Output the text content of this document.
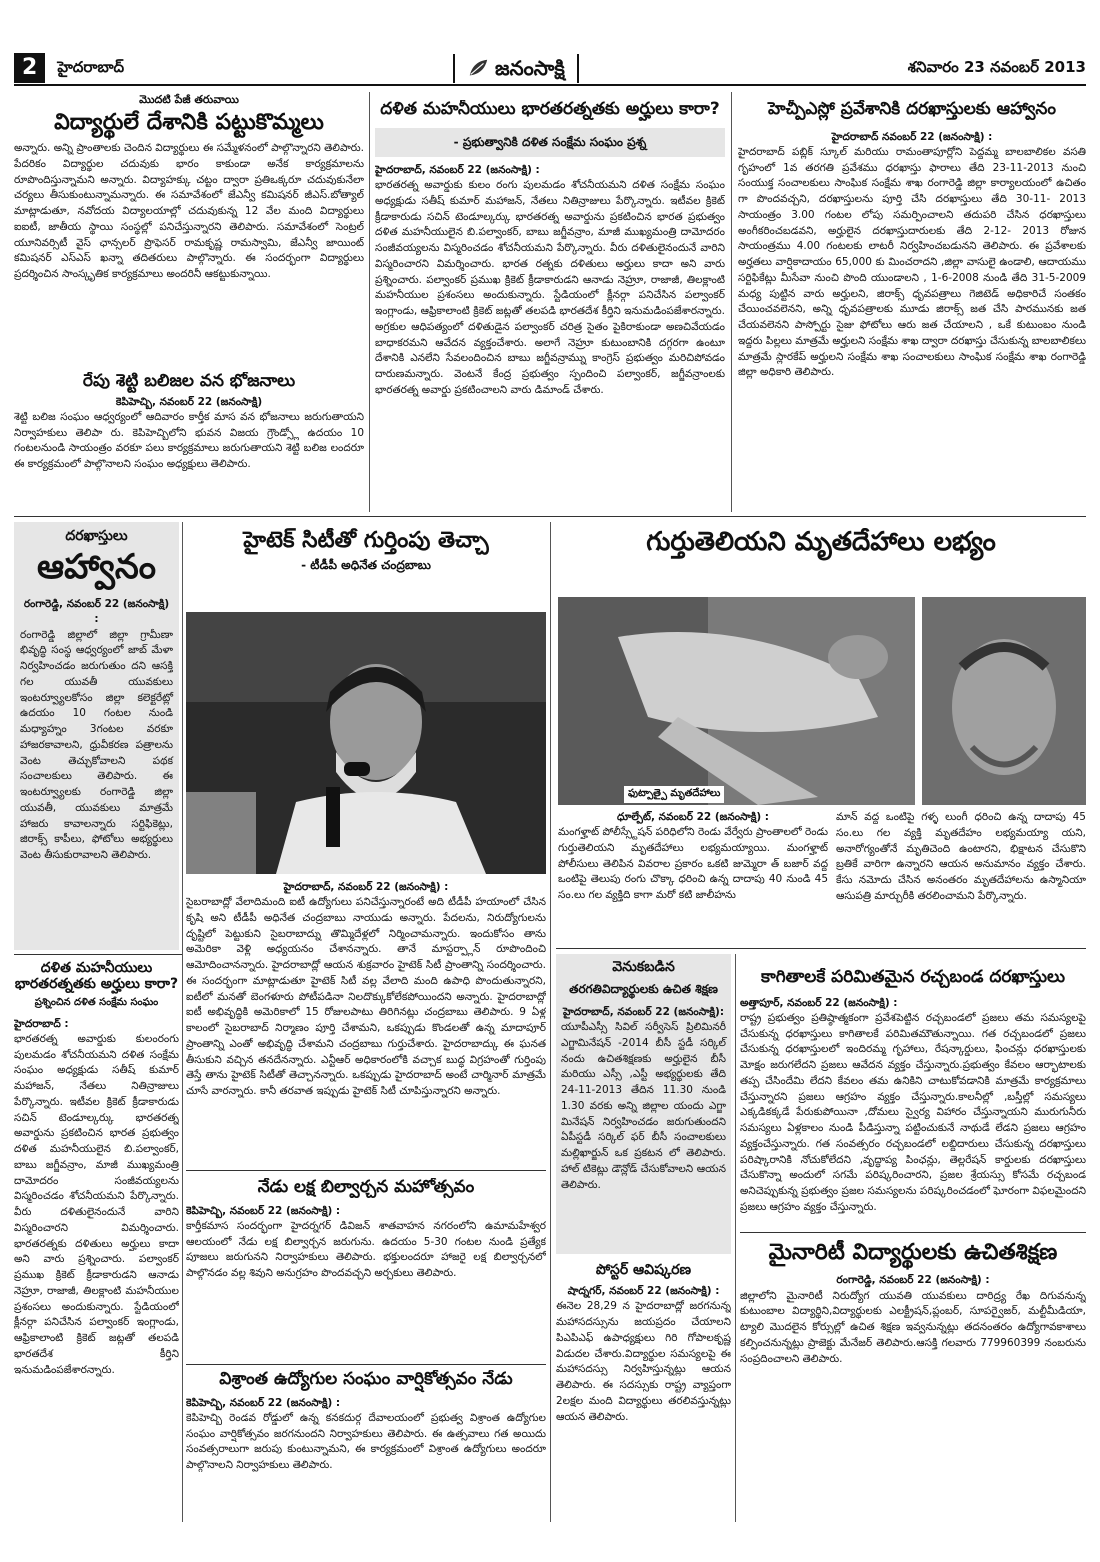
2	హైదరాబాద్	జనంసాక్షి	శనివారం 23 నవంబర్ 2013
మొదటి పేజీ తరువాయి
విద్యార్థులే దేశానికి పట్టుకొమ్మలు
అన్నారు. అన్ని ప్రాంతాలకు చెందిన విద్యార్థులు ఈ సమ్మేళనంలో పాల్గొన్నారని తెలిపారు. పేదరికం విద్యార్థుల చదువుకు భారం కాకుండా అనేక కార్యక్రమాలను రూపొందిస్తున్నామని అన్నారు. విద్యాహక్కు చట్టం ద్వారా ప్రతిఒక్కరూ చదువుకునేలా చర్యలు తీసుకుంటున్నామన్నారు. ఈ సమావేశంలో జేఎన్వీ కమిషనర్ జీఎస్.బోత్యాల్ మాట్లాడుతూ, నవోదయ విద్యాలయాల్లో చదువుకున్న 12 వేల మంది విద్యార్థులు ఐఐటీ, జాతీయ స్థాయి సంస్థల్లో పనిచేస్తున్నారని తెలిపారు. సమావేశంలో సెంట్రల్ యూనివర్సిటీ వైస్ ఛాన్సలర్ ప్రొఫెసర్ రామకృష్ణ రామస్వామి, జేఎన్వీ జాయింట్ కమిషనర్ ఎస్ఎస్ ఖన్నా తదితరులు పాల్గొన్నారు. ఈ సందర్భంగా విద్యార్థులు ప్రదర్శించిన సాంస్కృతిక కార్యక్రమాలు అందరినీ ఆకట్టుకున్నాయి.
రేపు శెట్టి బలిజల వన భోజనాలు
కెపిహెచ్బి, నవంబర్ 22 (జనంసాక్షి)
శెట్టి బలిజ సంఘం ఆధ్వర్యంలో ఆదివారం కార్తీక మాస వన భోజనాలు జరుగుతాయని నిర్వాహకులు తెలిపా రు. కెపిహెచ్బిలోని భువన విజయ గ్రౌండ్స్లో ఉదయం 10 గంటలనుండి సాయంత్రం వరకూ పలు కార్యక్రమాలు జరుగుతాయని శెట్టి బలిజ లందరూ ఈ కార్యక్రమంలో పాల్గొనాలని సంఘం అధ్యక్షులు తెలిపారు.
దళిత మహనీయులు భారతరత్నతకు అర్హులు కారా?
- ప్రభుత్వానికి దళిత సంక్షేమ సంఘం ప్రశ్న
హైదరాబాద్, నవంబర్ 22 (జనంసాక్షి) :
భారతరత్న అవార్డుకు కులం రంగు పులమడం శోచనీయమని దళిత సంక్షేమ సంఘం అధ్యక్షుడు సతీష్ కుమార్ మహాజన్, నేతలు నితిన్రాజులు పేర్కొన్నారు. ఇటీవల క్రికెట్ క్రీడాకారుడు సచిన్ టెండూల్కర్కు భారతరత్న అవార్డును ప్రకటించిన భారత ప్రభుత్వం దళిత మహనీయులైన బి.పల్వాంకర్, బాబు జగ్జీవన్రాం, మాజీ ముఖ్యమంత్రి దామోదరం సంజీవయ్యలను విస్మరించడం శోచనీయమని పేర్కొన్నారు. వీరు దళితులైనందునే వారిని విస్మరించారని విమర్శించారు. భారత రత్నకు దళితులు అర్హులు కాదా అని వారు ప్రశ్నించారు. పల్వాంకర్ ప్రముఖ క్రికెట్ క్రీడాకారుడని ఆనాడు నెహ్రూ, రాజాజీ, తిలక్లాంటి మహనీయుల ప్రశంసలు అందుకున్నారు. స్టేడియంలో క్లీనర్గా పనిచేసిన పల్వాంకర్ ఇంగ్లాండు, ఆఫ్రికాలాంటి క్రికెట్ జట్లతో తలపడి భారతదేశ కీర్తిని ఇనుమడింపజేశారన్నారు. అగ్రకుల ఆధిపత్యంలో దళితుడైన పల్వాంకర్ చరిత్ర సైతం పైకిరాకుండా అణచివేయడం బాధాకరమని ఆవేదన వ్యక్తంచేశారు. అలాగే నెహ్రూ కుటుంబానికి దగ్గరగా ఉంటూ దేశానికి ఎనలేని సేవలందించిన బాబు జగ్జీవన్రామ్ను కాంగ్రెస్ ప్రభుత్వం మరిచిపోవడం దారుణమన్నారు. వెంటనే కేంద్ర ప్రభుత్వం స్పందించి పల్వాంకర్, జగ్జీవన్రాంలకు భారతరత్న అవార్డు ప్రకటించాలని వారు డిమాండ్ చేశారు.
హెచ్పీఎస్లో ప్రవేశానికి దరఖాస్తులకు ఆహ్వానం
హైదరాబాద్ నవంబర్ 22 (జనంసాక్షి) :
హైదరాబాద్ పబ్లిక్ స్కూల్ మరియు రామంతాపూర్లోని పెద్దమ్మ బాలబాలికల వసతి గృహంలో 1వ తరగతి ప్రవేశము ధరఖాస్తు ఫారాలు తేది 23-11-2013 నుంచి సంయుక్త సంచాలకులు సాంఘిక సంక్షేమ శాఖ రంగారెడ్డి జిల్లా కార్యాలయంలో ఉచితం గా పొందవచ్చని, దరఖాస్తులను పూర్తి చేసి దరఖాస్తులు తేది 30-11- 2013 సాయంత్రం 3.00 గంటల లోపు సమర్పించాలని తదుపరి చేసిన ధరఖాస్తులు అంగీకరించబడవని, అర్హులైన దరఖాస్తుదారులకు తేది 2-12- 2013 రోజున సాయంత్రము 4.00 గంటలకు లాటరీ నిర్వహించబడునని తెలిపారు. ఈ ప్రవేశాలకు అర్హతలు వార్షికాదాయం 65,000 కు మించరాదని ,జిల్లా వాసులై ఉండాలి, ఆదాయము సర్టిఫికేట్లు మీసేవా నుంచి పొంది యుండాలని , 1-6-2008 నుండి తేది 31-5-2009 మధ్య పుట్టిన వారు అర్హులని, జిరాక్స్ ధృవపత్రాలు గెజిటెడ్ అధికారిచే సంతకం చేయించవలెనని, అన్ని ధృవపత్రాలకు మూడు జిరాక్స్ జత చేసి పారమునకు జత చేయవలెనని పాస్పోర్టు సైజు ఫోటోలు ఆరు జత చేయాలని , ఒకే కుటుంబం నుండి ఇద్దరు పిల్లలు మాత్రమే అర్హులని సంక్షేమ శాఖ ద్వారా దరఖాస్తు చేసుకున్న బాలబాలికలు మాత్రమే స్లారకేప్ అర్హులని సంక్షేమ శాఖ సంచాలకులు సాంఘిక సంక్షేమ శాఖ రంగారెడ్డి జిల్లా అధికారి తెలిపారు.
దరఖాస్తులు
ఆహ్వానం
రంగారెడ్డి, నవంబర్ 22 (జనంసాక్షి) :
రంగారెడ్డి జిల్లాలో జిల్లా గ్రామీణా భివృద్ధి సంస్థ ఆధ్వర్యంలో జాబ్ మేళా నిర్వహించడం జరుగుతుం దని ఆసక్తి గల యువతీ యువకులు ఇంటర్వ్యూలకోసం జిల్లా కలెక్టరేట్లో ఉదయం 10 గంటల నుండి మధ్యాహ్నం 3గంటల వరకూ హాజరకావాలని, ధ్రువీకరణ పత్రాలను వెంట తెచ్చుకోవాలని పథక సంచాలకులు తెలిపారు. ఈ ఇంటర్వ్యూలకు రంగారెడ్డి జిల్లా యువతీ, యువకులు మాత్రమే హాజరు కావాలన్నారు సర్టిఫికెట్లు, జిరాక్స్ కాపీలు, ఫోటోలు అభ్యర్థులు వెంట తీసుకురావాలని తెలిపారు.
హైటెక్ సిటీతో గుర్తింపు తెచ్చా
- టీడీపీ అధినేత చంద్రబాబు
హైదరాబాద్, నవంబర్ 22 (జనంసాక్షి) :
సైబరాబాద్లో వేలాదిమంది ఐటీ ఉద్యోగులు పనిచేస్తున్నారంటే అది టీడీపీ హయాంలో చేసిన కృషి అని టీడీపీ అధినేత చంద్రబాబు నాయుడు అన్నారు. పేదలను, నిరుద్యోగులను దృష్టిలో పెట్టుకుని సైబరాబాద్ను తొమ్మిదేళ్లలో నిర్మించామన్నారు. ఇందుకోసం తాను అమెరికా వెళ్లి అధ్యయనం చేశానన్నారు. తానే మాస్టర్ప్లాన్ రూపొందించి ఆమోదించానన్నారు. హైదరాబాద్లో ఆయన శుక్రవారం హైటెక్ సిటీ ప్రాంతాన్ని సందర్శించారు. ఈ సందర్భంగా మాట్లాడుతూ హైటెక్ సిటీ వల్ల వేలాది మంది ఉపాధి పొందుతున్నారని, ఐటీలో మనతో బెంగళూరు పోటీపడినా నిలదొక్కుకోలేకపోయిందని అన్నారు. హైదరాబాద్లో ఐటీ అభివృద్ధికి అమెరికాలో 15 రోజులపాటు తిరిగినట్లు చంద్రబాబు తెలిపారు. 9 ఏళ్ల కాలంలో సైబరాబాద్ నిర్మాణం పూర్తి చేశామని, ఒకప్పుడు కొండలతో ఉన్న మాదాపూర్ ప్రాంతాన్ని ఎంతో అభివృద్ధి చేశామని చంద్రబాబు గుర్తుచేశారు. హైదరాబాద్కు ఈ ఘనత తీసుకుని వచ్చిన తనదేనన్నారు. ఎన్టీఆర్ అధికారంలోకి వచ్చాక బుద్ధ విగ్రహంతో గుర్తింపు తెస్తే తాను హైటెక్ సిటీతో తెచ్చానన్నారు. ఒకప్పుడు హైదరాబాద్ అంటే చార్మినార్ మాత్రమే చూసే వారన్నారు. కానీ తరవాత ఇప్పుడు హైటెక్ సిటీ చూపిస్తున్నారని అన్నారు.
గుర్తుతెలియని మృతదేహాలు లభ్యం
ఫుట్పాత్పై మృతదేహాలు
ధూల్పేట్, నవంబర్ 22 (జనంసాక్షి) :
మంగళ్హాట్ పోలీస్స్టేషన్ పరిధిలోని రెండు వేర్వేరు ప్రాంతాలలో రెండు గుర్తుతెలియని మృతదేహాలు లభ్యమయ్యాయి. మంగళ్హాట్ పోలీసులు తెలిపిన వివరాల ప్రకారం ఒకటి జుమ్మెరా త్ బజార్ వద్ద ఒంటిపై తెలుపు రంగు చొక్కా ధరించి ఉన్న దాదాపు 40 నుండి 45 సం.లు గల వ్యక్తిది కాగా మరో కటి జాలీహను
మాన్ వద్ద ఒంటిపై గళ్ళ లుంగీ ధరించి ఉన్న దాదాపు 45 సం.లు గల వ్యక్తి మృతదేహం లభ్యమయ్యా యని, అనారోగ్యంతోనే మృతిచెంది ఉంటారని, భిక్షాటన చేసుకొని బ్రతికే వారిగా ఉన్నారని ఆయన అనుమానం వ్యక్తం చేశారు. కేసు నమోదు చేసిన అనంతరం మృతదేహాలను ఉస్మానియా ఆసుపత్రి మార్చురీకి తరలించామని పేర్కొన్నారు.
దళిత మహనీయులు
భారతరత్నతకు అర్హులు కారా?
ప్రశ్నించిన దళిత సంక్షేమ సంఘం
హైదరాబాద్ :
భారతరత్న అవార్డుకు కులంరంగు పులమడం శోచనీయమని దళిత సంక్షేమ సంఘం అధ్యక్షుడు సతీష్ కుమార్ మహాజన్, నేతలు నితిన్రాజులు పేర్కొన్నారు. ఇటీవల క్రికెట్ క్రీడాకారుడు సచిన్ టెండూల్కర్కు భారతరత్న అవార్డును ప్రకటించిన భారత ప్రభుత్వం దళిత మహనీయులైన బి.పల్వాంకర్, బాబు జగ్జీవన్రాం, మాజీ ముఖ్యమంత్రి దామోదరం సంజీవయ్యలను విస్మరించడం శోచనీయమని పేర్కొన్నారు. వీరు దళితులైనందునే వారిని విస్మరించారని విమర్శించారు. భారతరత్నకు దళితులు అర్హులు కాదా అని వారు ప్రశ్నించారు. పల్వాంకర్ ప్రముఖ క్రికెట్ క్రీడాకారుడని ఆనాడు నెహ్రూ, రాజాజీ, తిలక్లాంటి మహనీయుల ప్రశంసలు అందుకున్నారు. స్టేడియంలో క్లీనర్గా పనిచేసిన పల్వాంకర్ ఇంగ్లాండు, ఆఫ్రికాలాంటి క్రికెట్ జట్లతో తలపడి భారతదేశ కీర్తిని ఇనుమడింపజేశారన్నారు.
నేడు లక్ష బిల్వార్చన మహోత్సవం
కెపిహెచ్బి, నవంబర్ 22 (జనంసాక్షి) :
కార్తీకమాస సందర్భంగా హైదర్నగర్ డివిజన్ శాతవాహన నగరంలోని ఉమామహేశ్వర ఆలయంలో నేడు లక్ష బిల్వార్చన జరుగును. ఉదయం 5-30 గంటల నుండి ప్రత్యేక పూజలు జరుగునని నిర్వాహకులు తెలిపారు. భక్తులందరూ హాజరై లక్ష బిల్వార్చనలో పాల్గొనడం వల్ల శివుని అనుగ్రహం పొందవచ్చని అర్చకులు తెలిపారు.
విశ్రాంత ఉద్యోగుల సంఘం వార్షికోత్సవం నేడు
కెపిహెచ్బి, నవంబర్ 22 (జనంసాక్షి) :
కెపిహెచ్బి రెండవ రోడ్డులో ఉన్న కనకదుర్గ దేవాలయంలో ప్రభుత్వ విశ్రాంత ఉద్యోగుల సంఘం వార్షికోత్సవం జరగనుందని నిర్వాహకులు తెలిపారు. ఈ ఉత్సవాలు గత అయిదు సంవత్సరాలుగా జరుపు కుంటున్నామని, ఈ కార్యక్రమంలో విశ్రాంత ఉద్యోగులు అందరూ పాల్గొనాలని నిర్వాహకులు తెలిపారు.
వెనుకబడిన
తరగతివిద్యార్థులకు ఉచిత శిక్షణ
హైదరాబాద్, నవంబర్ 22 (జనంసాక్షి):
యూపీఎస్సీ సివిల్ సర్వీసెస్ ప్రిలిమినరీ ఎగ్జామినేషన్ -2014 బీసీ స్టడీ సర్కిల్ నందు ఉచితశిక్షణకు అర్హులైన బీసీ మరియు ఎస్సీ ,ఎస్టీ అభ్యర్థులకు తేది 24-11-2013 తేదిన 11.30 నుండి 1.30 వరకు అన్ని జిల్లాల యందు ఎగ్జా మినేషన్ నిర్వహించడం జరుగుతుందని ఏపీస్టడీ సర్కిల్ ఫర్ బీసీ సంచాలకులు మల్లిఖార్జున్ ఒక ప్రకటన లో తెలిపారు. హాల్ టికెట్లు డౌన్లోడ్ చేసుకోవాలని ఆయన తెలిపారు.
పోస్టర్ ఆవిష్కరణ
షాద్నగర్, నవంబర్ 22 (జనంసాక్షి) :
ఈనెల 28,29 న హైదరాబాద్లో జరగనున్న మహాసదస్సును జయప్రదం చేయాలని పిఎపిఎఫ్ ఉపాధ్యక్షులు గిరి గోపాలకృష్ణ విడుదల చేశారు.విద్యార్థుల సమస్యలపై ఈ మహాసదస్సు నిర్వహిస్తున్నట్లు ఆయన తెలిపారు. ఈ సదస్సుకు రాష్ట్ర వ్యాప్తంగా 2లక్షల మంది విద్యార్థులు తరలివస్తున్నట్లు ఆయన తెలిపారు.
కాగితాలకే పరిమితమైన రచ్చబండ దరఖాస్తులు
అత్తాపూర్, నవంబర్ 22 (జనంసాక్షి) :
రాష్ట్ర ప్రభుత్వం ప్రతిష్ఠాత్మకంగా ప్రవేశపెట్టిన రచ్చబండలో ప్రజలు తమ సమస్యలపై చేసుకున్న ధరఖాస్తులు కాగితాలకే పరిమితమౌతున్నాయి. గత రచ్చబండలో ప్రజలు చేసుకున్న ధరఖాస్తులలో ఇందిరమ్మ గృహాలు, రేషన్కార్డులు, ఫించన్లు ధరఖాస్తులకు మోక్షం జరుగలేదని ప్రజలు ఆవేదన వ్యక్తం చేస్తున్నారు.ప్రభుత్వం కేవలం ఆర్భాటాలకు తప్ప చేసిందేమి లేదని కేవలం తమ ఉనికిని చాటుకోవడానికి మాత్రమే కార్యక్రమాలు చేస్తున్నారని ప్రజలు ఆగ్రహం వ్యక్తం చేస్తున్నారు.కాలనీల్లో ,బస్తీల్లో సమస్యలు ఎక్కడికక్కడే పేరుకుపోయినా ,దోమలు స్వైర్య విహారం చేస్తున్నాయని మురుగునీరు సమస్యలు ఏళ్లకాలం నుండి పీడిస్తున్నా పట్టించుకునే నాథుడే లేడని ప్రజలు ఆగ్రహం వ్యక్తంచేస్తున్నారు. గత సంవత్సరం రచ్చబండలో లబ్దిదారులు చేసుకున్న దరఖాస్తులు పరిష్కారానికి నోచుకోలేదని ,వృద్ధాప్య పింఛన్లు, తెల్లరేషన్ కార్డులకు దరఖాస్తులు చేసుకొన్నా అందులో సగమే పరిష్కరించారని, ప్రజల శ్రేయస్సు కోసమే రచ్చబండ అనిచెప్పుకున్న ప్రభుత్వం ప్రజల సమస్యలను పరిష్కరించడంలో ఘోరంగా విఫలమైందని ప్రజలు ఆగ్రహం వ్యక్తం చేస్తున్నారు.
మైనారిటీ విద్యార్థులకు ఉచితశిక్షణ
రంగారెడ్డి, నవంబర్ 22 (జనంసాక్షి) :
జిల్లాలోని మైనారిటీ నిరుద్యోగ యువతి యువకులు దారిద్ర్య రేఖ దిగువనున్న కుటుంబాల విద్యార్థిని,విద్యార్థులకు ఎలక్ట్రీషన్,ప్లంబర్, సూపర్వైజర్, మల్టీమీడియా, ట్యాలి మొదలైన కోర్సుల్లో ఉచిత శిక్షణ ఇవ్వనున్నట్లు తదనంతరం ఉద్యోగావకాశాలు కల్పించనున్నట్లు ప్రాజెక్టు మేనేజర్ తెలిపారు.ఆసక్తి గలవారు 779960399 నంబరును సంప్రదించాలని తెలిపారు.
